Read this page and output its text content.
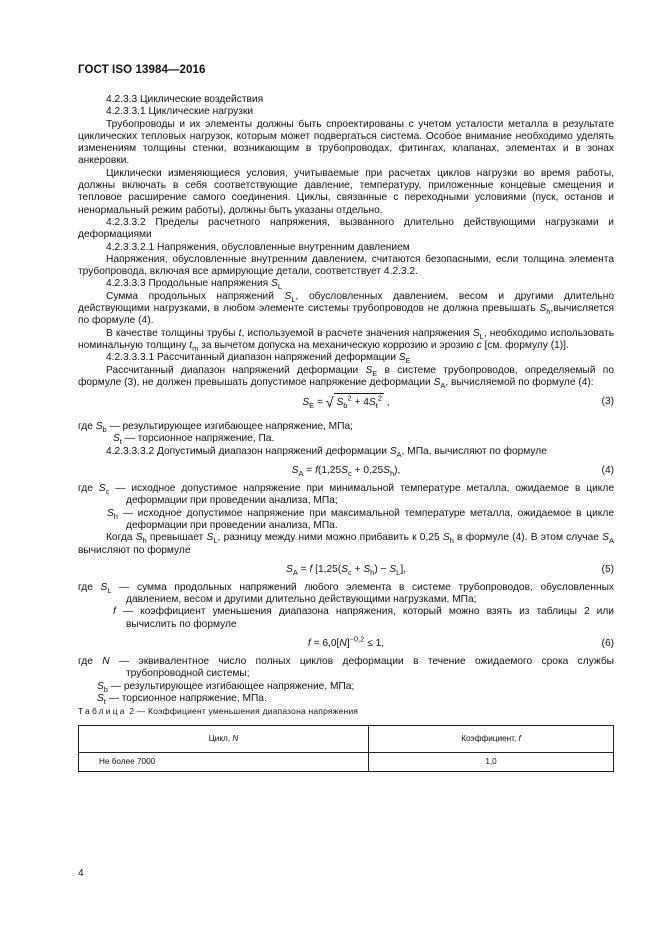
ГОСТ ISO 13984—2016

4.2.3.3 Циклические воздействия

4.2.3.3.1 Циклические нагрузки

Трубопроводы и их элементы должны быть спроектированы с учетом усталости металла в результате циклических тепловых нагрузок, которым может подвергаться система. Особое внимание необходимо уделять изменениям толщины стенки, возникающим в трубопроводах, фитингах, клапанах, элементах и в зонах анкеровки.

Циклически изменяющиеся условия, учитываемые при расчетах циклов нагрузки во время работы, должны включать в себя соответствующие давление, температуру, приложенные концевые смещения и тепловое расширение самого соединения. Циклы, связанные с переходными условиями (пуск, останов и ненормальный режим работы), должны быть указаны отдельно.

4.2.3.3.2 Пределы расчетного напряжения, вызванного длительно действующими нагрузками и деформациями

4.2.3.3.2.1 Напряжения, обусловленные внутренним давлением

Напряжения, обусловленные внутренним давлением, считаются безопасными, если толщина элемента трубопровода, включая все армирующие детали, соответствует 4.2.3.2.

4.2.3.3.3 Продольные напряжения $S_L$

Сумма продольных напряжений $S_L$, обусловленных давлением, весом и другими длительно действующими нагрузками, в любом элементе системы трубопроводов не должна превышать $S_h,вычисляется$ по формуле (4).

В качестве толщины трубы t, используемой в расчете значения напряжения $S_L$, необходимо использовать номинальную толщину $t_m$ за вычетом допуска на механическую коррозию и эрозию c [см. формулу (1)].

4.2.3.3.3.1 Рассчитанный диапазон напряжений деформации $S_E$

Рассчитанный диапазон напряжений деформации $S_E$ в системе трубопроводов, определяемый по формуле (3), не должен превышать допустимое напряжение деформации $S_A$, вычисляемой по формуле (4):

$S_E$ = √ $S_b^2 + 4S_t^2$ ,	(3)

где $S_b$ — результирующее изгибающее напряжение, МПа;

$S_t$ — торсионное напряжение, Па.

4.2.3.3.3.2 Допустимый диапазон напряжений деформации $S_A$, МПа, вычисляют по формуле

$S_A = f(1,25S_c + 0,25S_h)$,	(4)

где $S_c$ — исходное допустимое напряжение при минимальной температуре металла, ожидаемое в цикле деформации при проведении анализа, МПа;

$S_h$ — исходное допустимое напряжение при максимальной температуре металла, ожидаемое в цикле деформации при проведении анализа, МПа.

Когда $S_h$ превышает $S_L$, разницу между ними можно прибавить к 0,25 $S_h$ в формуле (4). В этом случае $S_A$ вычисляют по формуле

$S_A = f$ $[1,25(S_c + S_h) - S_L]$,	(5)

где $S_L$ — сумма продольных напряжений любого элемента в системе трубопроводов, обусловленных давлением, весом и другими длительно действующими нагрузками, МПа;

f — коэффициент уменьшения диапазона напряжения, который можно взять из таблицы 2 или вычислить по формуле

$f = 6,0[N]^{-0,2} \le 1$,	(6)

где N — эквивалентное число полных циклов деформации в течение ожидаемого срока службы трубопроводной системы;

$S_b$ — результирующее изгибающее напряжение, МПа;

$S_t$ — торсионное напряжение, МПа.

Таблица 2 — Коэффициент уменьшения диапазона напряжения

Цикл, N	Коэффициент, f
Не более 7000	1,0
4
